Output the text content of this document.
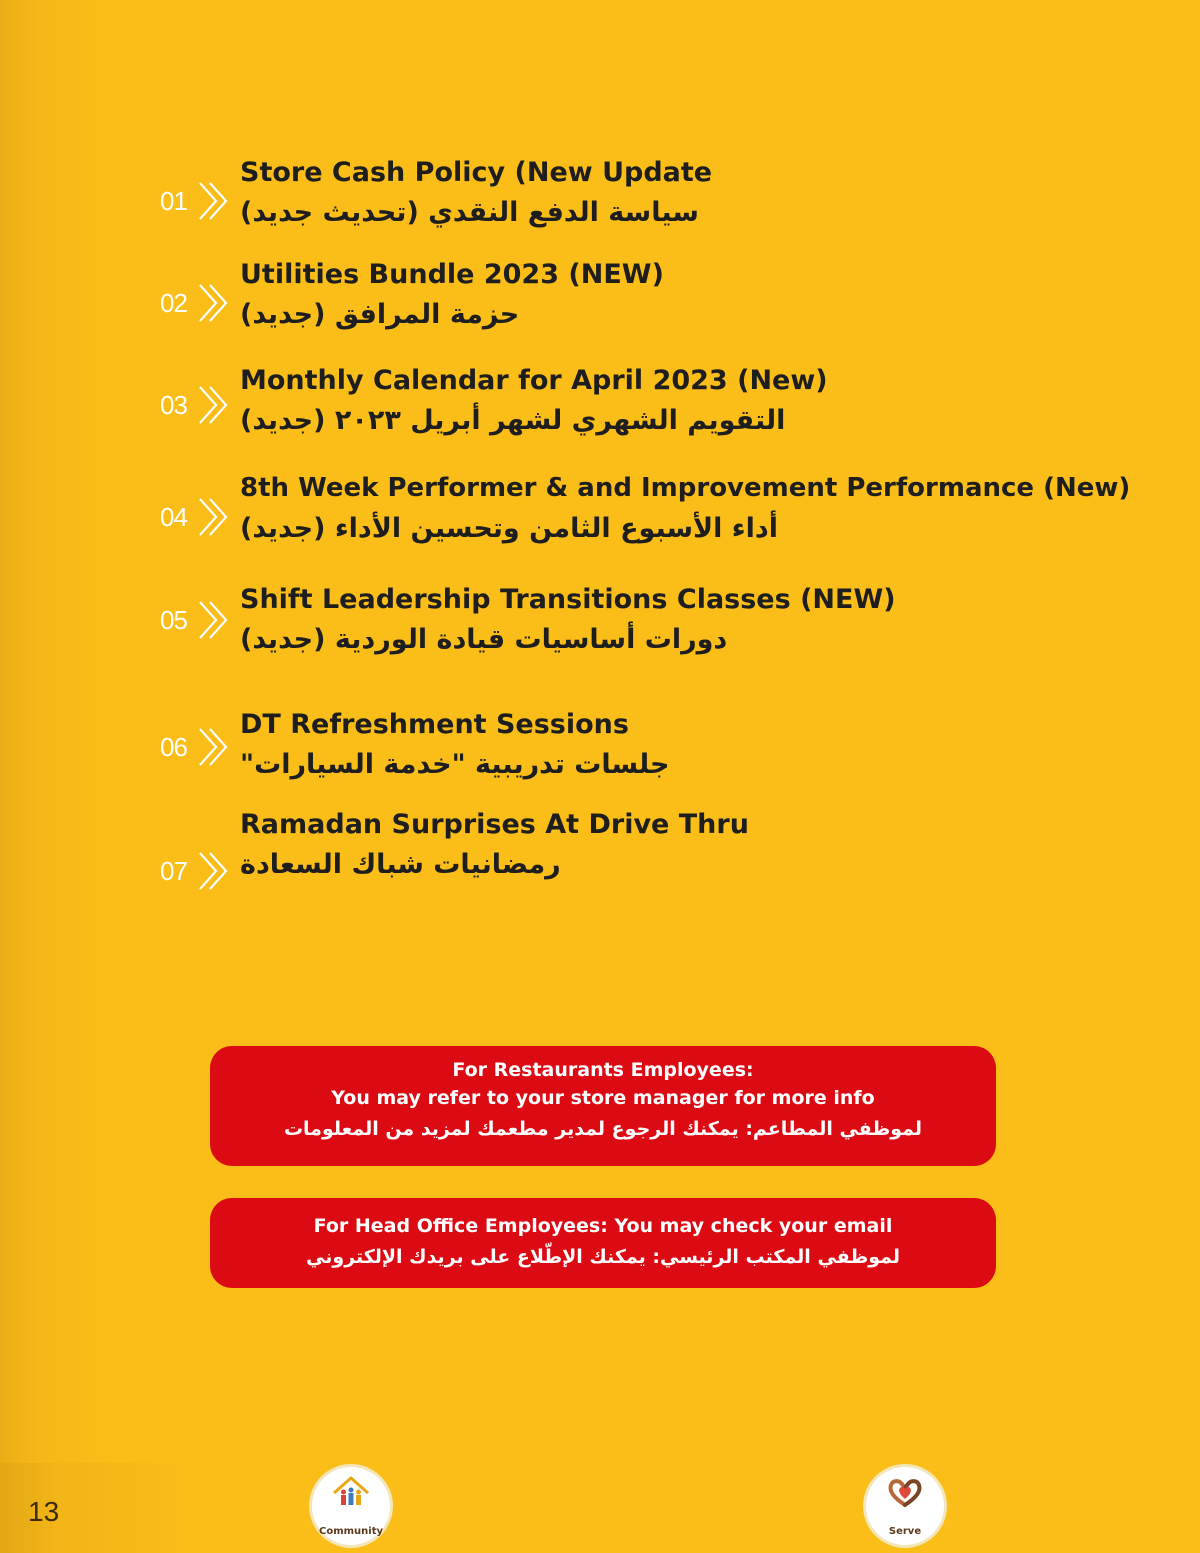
01
Store Cash Policy (New Update
سياسة الدفع النقدي (تحديث جديد)
02
Utilities Bundle 2023 (NEW)
حزمة المرافق (جديد)
03
Monthly Calendar for April 2023 (New)
التقويم الشهري لشهر أبريل ٢٠٢٣ (جديد)
04
8th Week Performer & and Improvement Performance (New)
أداء الأسبوع الثامن وتحسين الأداء (جديد)
05
Shift Leadership Transitions Classes (NEW)
دورات أساسيات قيادة الوردية (جديد)
06
DT Refreshment Sessions
جلسات تدريبية "خدمة السيارات"
07
Ramadan Surprises At Drive Thru
رمضانيات شباك السعادة
For Restaurants Employees:
You may refer to your store manager for more info
لموظفي المطاعم: يمكنك الرجوع لمدير مطعمك لمزيد من المعلومات
For Head Office Employees: You may check your email
لموظفي المكتب الرئيسي: يمكنك الإطّلاع على بريدك الإلكتروني
13
Community	Serve
